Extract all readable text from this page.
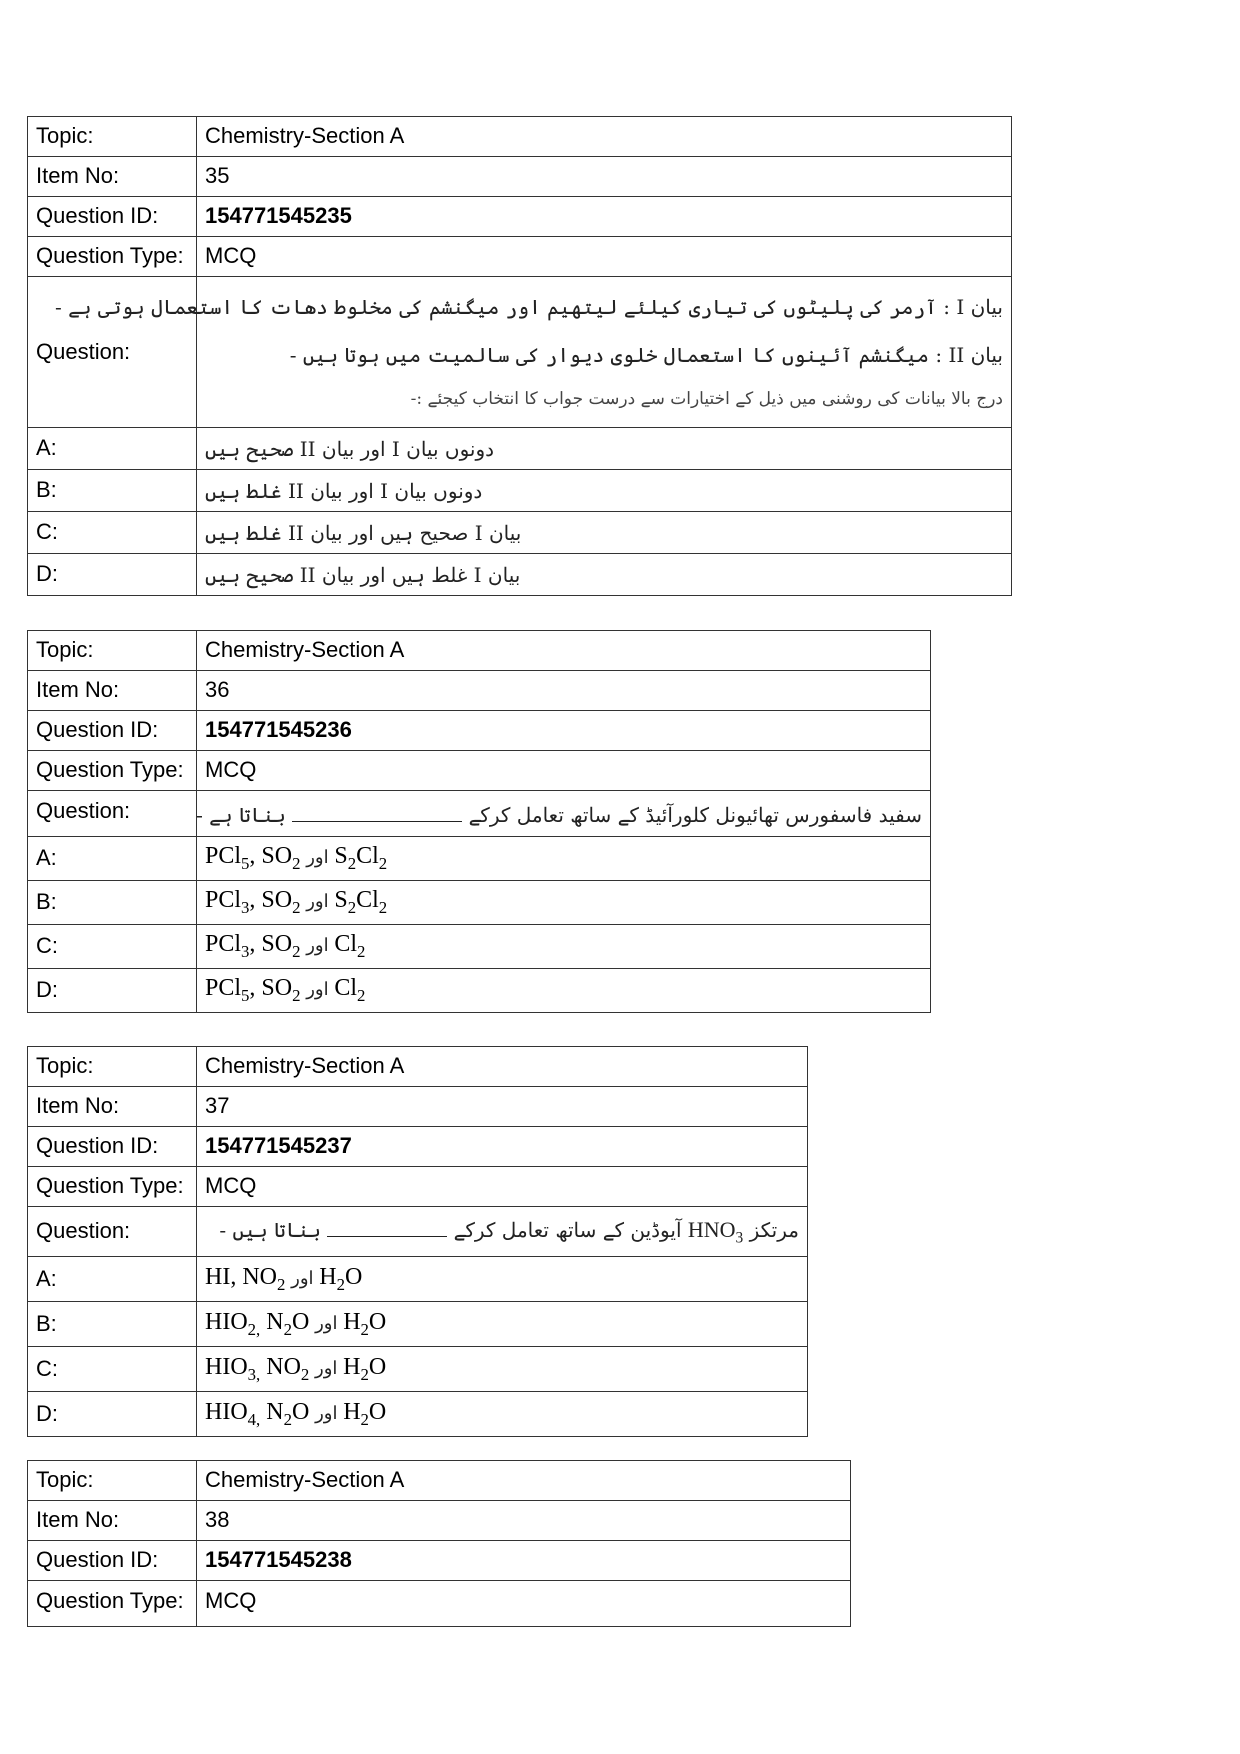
Topic:	Chemistry-Section A
Item No:	35
Question ID:	154771545235
Question Type:	MCQ
Question:	بیان I : آرمر کی پلیٹوں کی تیاری کیلئے لیتھیم اور میگنشم کی مخلوط دھات کا استعمال ہوتی ہے -
بیان II : میگنشم آئینوں کا استعمال خلوی دیوار کی سالمیت میں ہوتا ہیں -
درج بالا بیانات کی روشنی میں ذیل کے اختیارات سے درست جواب کا انتخاب کیجئے :-

A:	دونوں بیان I اور بیان II صحیح ہیں

B:	دونوں بیان I اور بیان II غلط ہیں

C:	بیان I صحیح ہیں اور بیان II غلط ہیں

D:	بیان I غلط ہیں اور بیان II صحیح ہیں
Topic:	Chemistry-Section A
Item No:	36
Question ID:	154771545236
Question Type:	MCQ
Question:	سفید فاسفورس تھائیونل کلورآئیڈ کے ساتھ تعامل کرکے  بناتا ہے -
A:	PCl$_5$, $SO_2$ اور $S_2Cl_2$
B:	PCl$_3$, $SO_2$ اور $S_2Cl_2$
C:	PCl$_3$, $SO_2$ اور $Cl_2$
D:	PCl$_5$, $SO_2$ اور $Cl_2$
Topic:	Chemistry-Section A
Item No:	37
Question ID:	154771545237
Question Type:	MCQ
Question:	مرتکز $HNO_3$ آیوڈین کے ساتھ تعامل کرکے  بناتا ہیں -
A:	HI, $NO_2$ اور $H_2O$
B:	$HIO_{2,}$ $N_2O$ اور $H_2O$
C:	$HIO_{3,}$ $NO_2$ اور $H_2O$
D:	$HIO_{4,}$ $N_2O$ اور $H_2O$
Topic:	Chemistry-Section A
Item No:	38
Question ID:	154771545238
Question Type:	MCQ
